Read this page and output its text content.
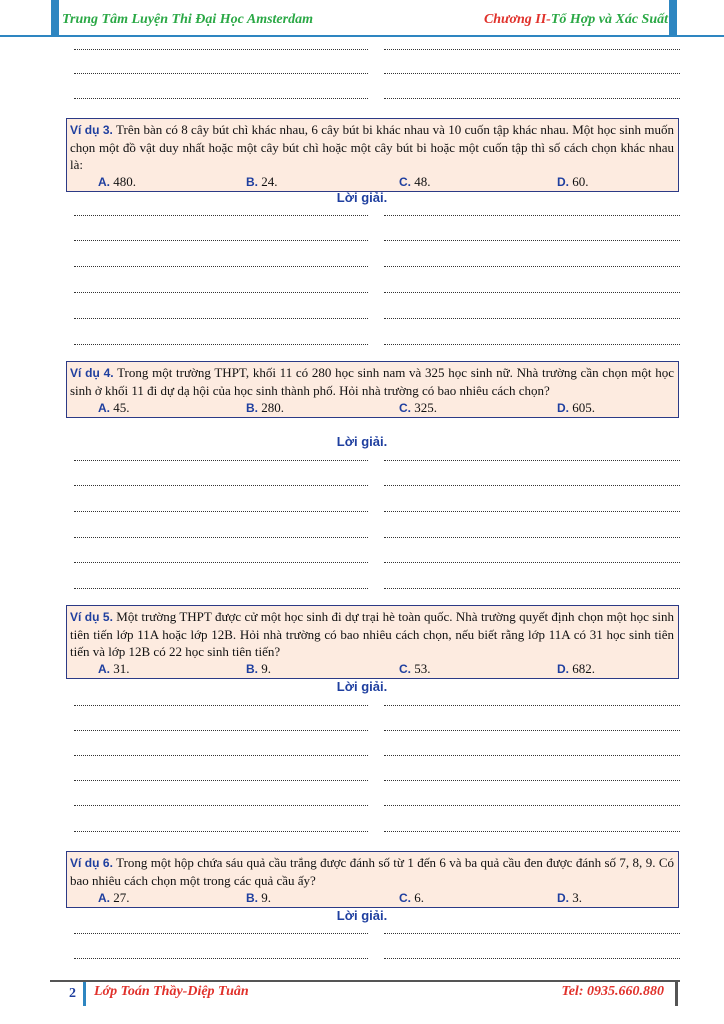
Trung Tâm Luyện Thi Đại Học Amsterdam	Chương II-Tổ Hợp và Xác Suất

Ví dụ 3. Trên bàn có 8 cây bút chì khác nhau, 6 cây bút bi khác nhau và 10 cuốn tập khác nhau. Một học sinh muốn chọn một đồ vật duy nhất hoặc một cây bút chì hoặc một cây bút bi hoặc một cuốn tập thì số cách chọn khác nhau là:

A. 480.	B. 24.	C. 48.	D. 60.
Lời giải.

Ví dụ 4. Trong một trường THPT, khối 11 có 280 học sinh nam và 325 học sinh nữ. Nhà trường cần chọn một học sinh ở khối 11 đi dự dạ hội của học sinh thành phố. Hỏi nhà trường có bao nhiêu cách chọn?

A. 45.	B. 280.	C. 325.	D. 605.
Lời giải.

Ví dụ 5. Một trường THPT được cử một học sinh đi dự trại hè toàn quốc. Nhà trường quyết định chọn một học sinh tiên tiến lớp 11A hoặc lớp 12B. Hỏi nhà trường có bao nhiêu cách chọn, nếu biết rằng lớp 11A có 31 học sinh tiên tiến và lớp 12B có 22 học sinh tiên tiến?

A. 31.	B. 9.	C. 53.	D. 682.
Lời giải.

Ví dụ 6. Trong một hộp chứa sáu quả cầu trắng được đánh số từ 1 đến 6 và ba quả cầu đen được đánh số 7, 8, 9. Có bao nhiêu cách chọn một trong các quả cầu ấy?

A. 27.	B. 9.	C. 6.	D. 3.
Lời giải.
2 Lớp Toán Thầy-Diệp Tuân	Tel: 0935.660.880
